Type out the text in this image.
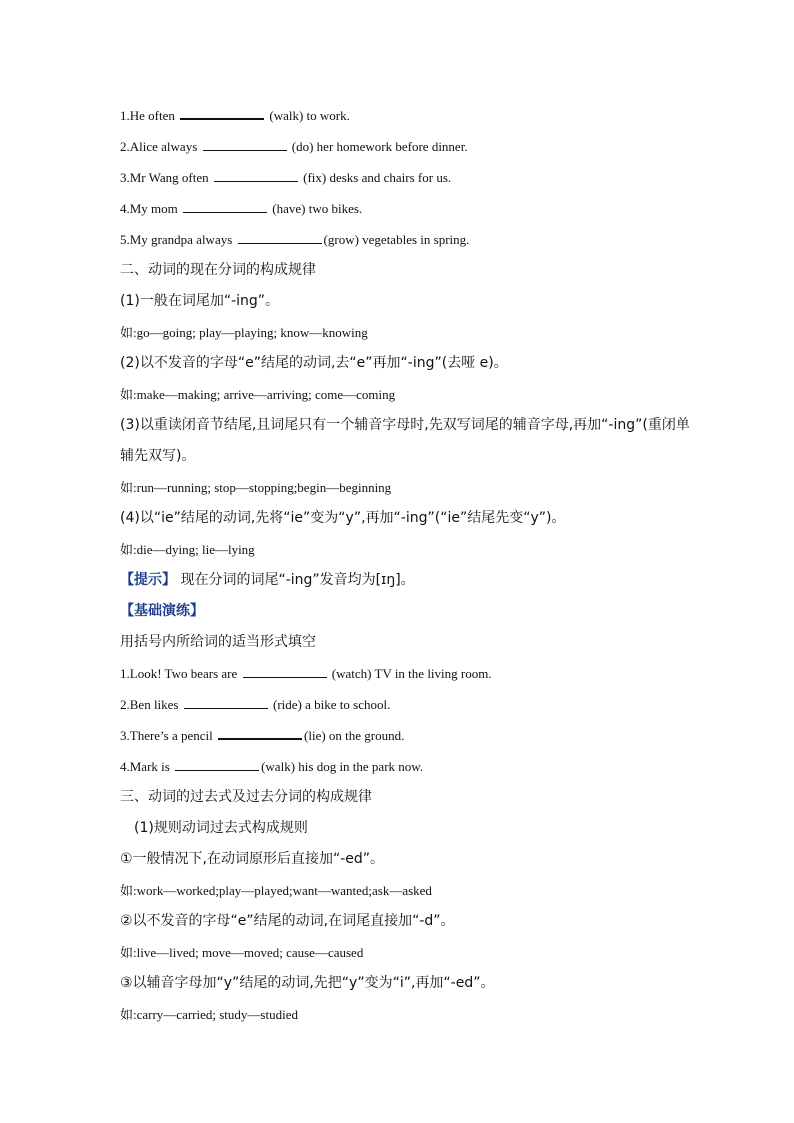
1.He often	(walk) to work.
2.Alice always	(do) her homework before dinner.
3.Mr Wang often	(fix) desks and chairs for us.
4.My mom	(have) two bikes.
5.My grandpa always	(grow) vegetables in spring.
二、动词的现在分词的构成规律
(1)一般在词尾加“-ing”。
如:go—going; play—playing; know—knowing
(2)以不发音的字母“e”结尾的动词,去“e”再加“-ing”(去哑 e)。
如:make—making; arrive—arriving; come—coming
(3)以重读闭音节结尾,且词尾只有一个辅音字母时,先双写词尾的辅音字母,再加“-ing”(重闭单辅先双写)。
如:run—running; stop—stopping;begin—beginning
(4)以“ie”结尾的动词,先将“ie”变为“y”,再加“-ing”(“ie”结尾先变“y”)。
如:die—dying; lie—lying
【提示】 现在分词的词尾“-ing”发音均为[ɪŋ]。
【基础演练】
用括号内所给词的适当形式填空
1.Look! Two bears are	(watch) TV in the living room.
2.Ben likes	(ride) a bike to school.
3.There’s a pencil	(lie) on the ground.
4.Mark is	(walk) his dog in the park now.
三、动词的过去式及过去分词的构成规律
(1)规则动词过去式构成规则
①一般情况下,在动词原形后直接加“-ed”。
如:work—worked;play—played;want—wanted;ask—asked
②以不发音的字母“e”结尾的动词,在词尾直接加“-d”。
如:live—lived; move—moved; cause—caused
③以辅音字母加“y”结尾的动词,先把“y”变为“i”,再加“-ed”。
如:carry—carried; study—studied
